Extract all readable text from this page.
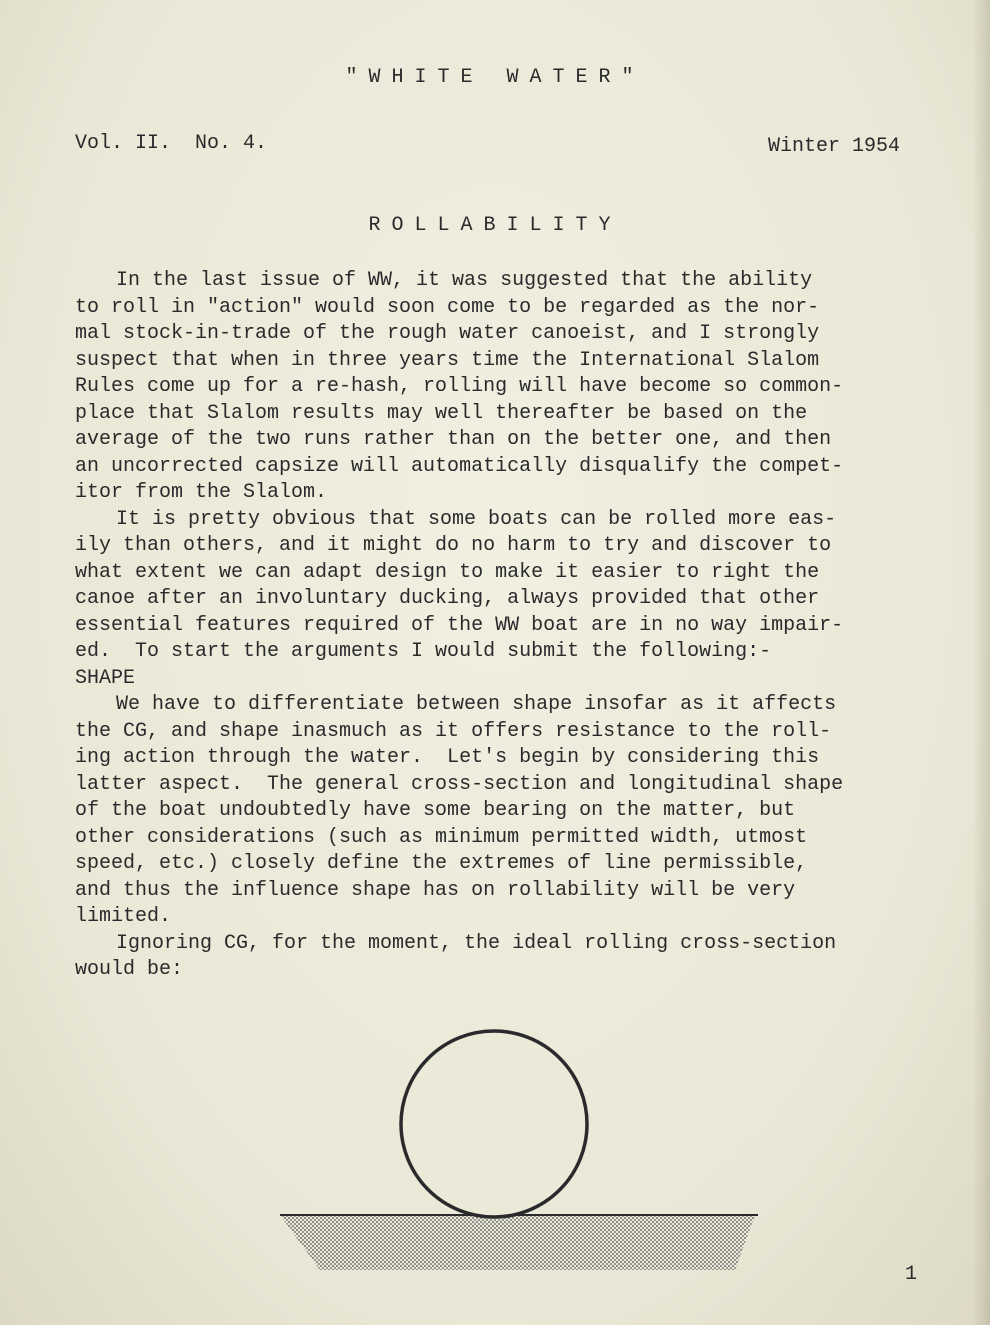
"WHITE WATER"
Vol. II.  No. 4.	Winter 1954
ROLLABILITY
In the last issue of WW, it was suggested that the ability
to roll in "action" would soon come to be regarded as the nor-
mal stock-in-trade of the rough water canoeist, and I strongly
suspect that when in three years time the International Slalom
Rules come up for a re-hash, rolling will have become so common-
place that Slalom results may well thereafter be based on the
average of the two runs rather than on the better one, and then
an uncorrected capsize will automatically disqualify the compet-
itor from the Slalom.
It is pretty obvious that some boats can be rolled more eas-
ily than others, and it might do no harm to try and discover to
what extent we can adapt design to make it easier to right the
canoe after an involuntary ducking, always provided that other
essential features required of the WW boat are in no way impair-
ed.  To start the arguments I would submit the following:-
SHAPE
We have to differentiate between shape insofar as it affects
the CG, and shape inasmuch as it offers resistance to the roll-
ing action through the water.  Let's begin by considering this
latter aspect.  The general cross-section and longitudinal shape
of the boat undoubtedly have some bearing on the matter, but
other considerations (such as minimum permitted width, utmost
speed, etc.) closely define the extremes of line permissible,
and thus the influence shape has on rollability will be very
limited.
Ignoring CG, for the moment, the ideal rolling cross-section
would be:
1
